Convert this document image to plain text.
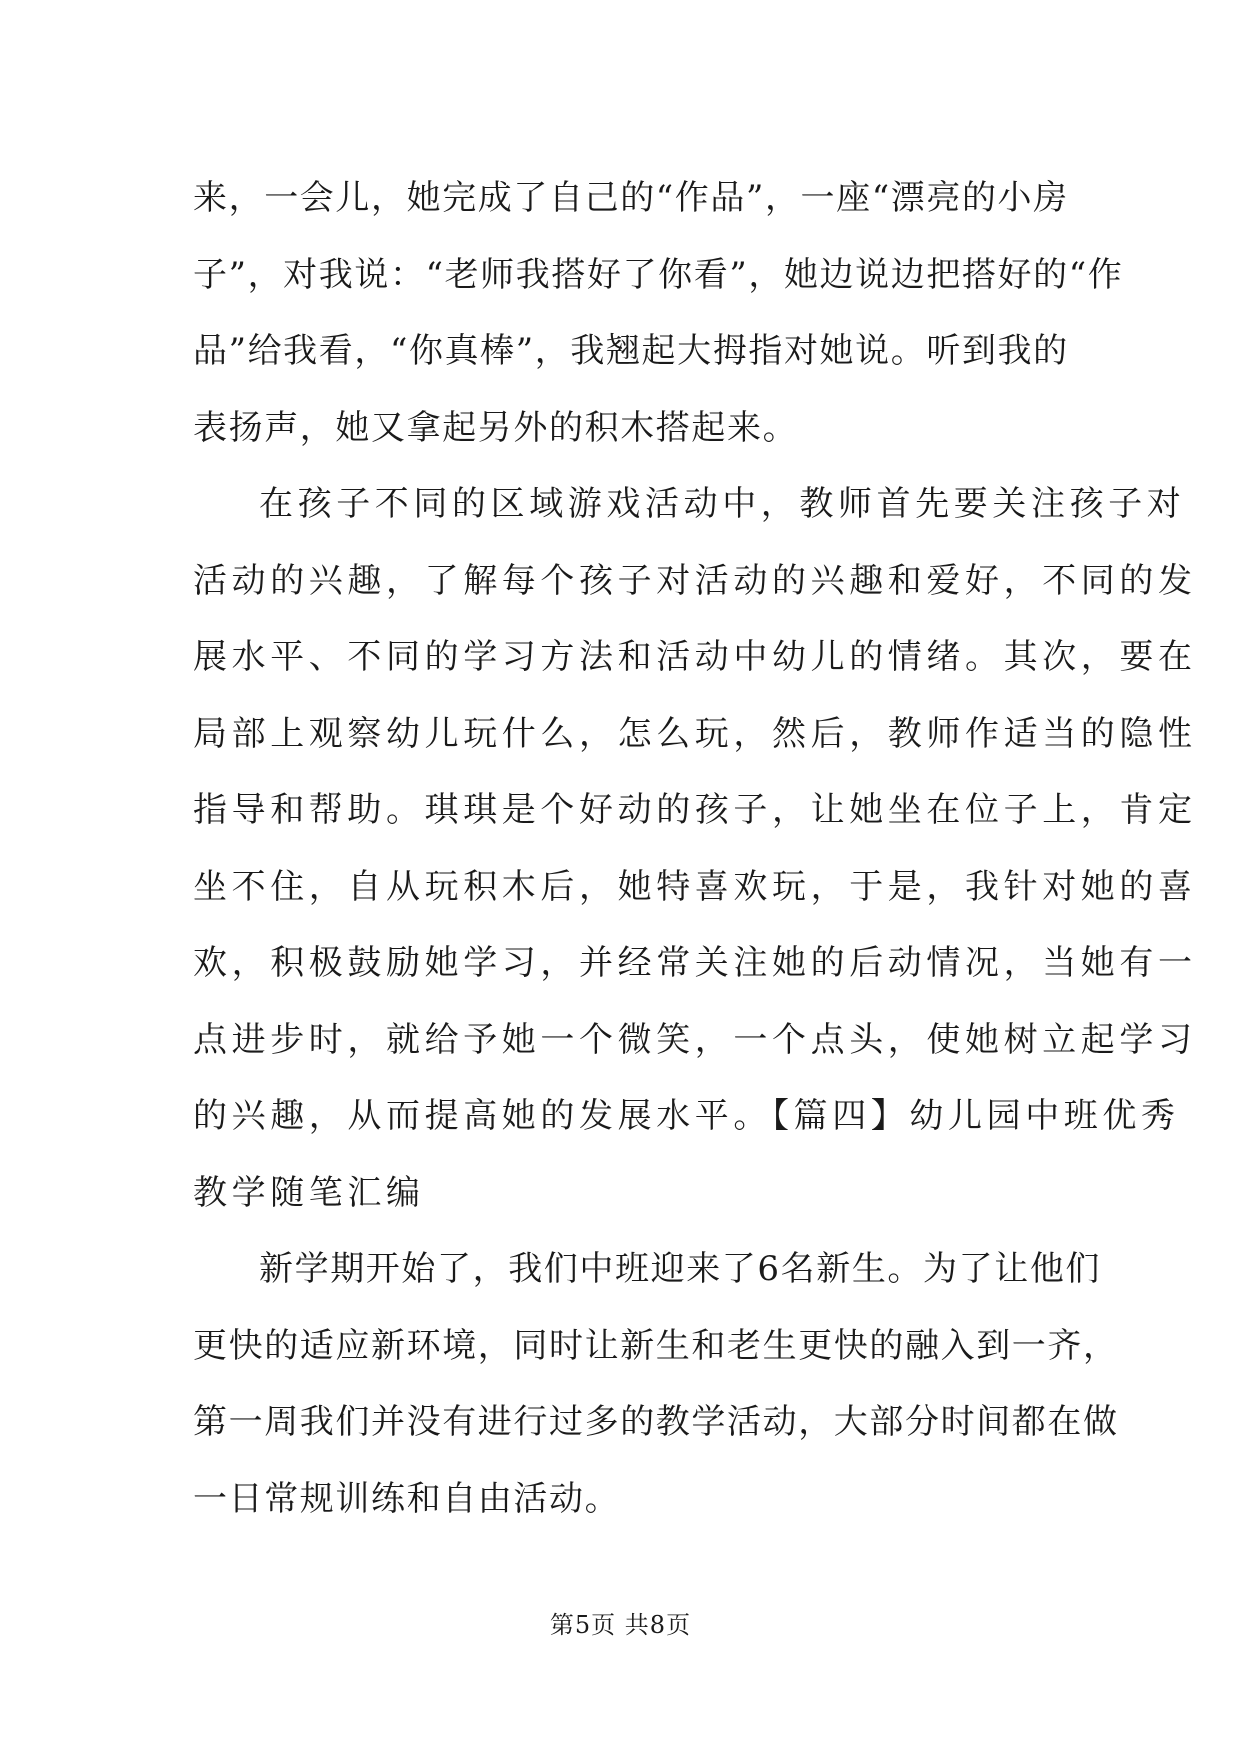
来，一会儿，她完成了自己的“作品”，一座“漂亮的小房
子”，对我说：“老师我搭好了你看”，她边说边把搭好的“作
品”给我看，“你真棒”，我翘起大拇指对她说。听到我的
表扬声，她又拿起另外的积木搭起来。
在孩子不同的区域游戏活动中，教师首先要关注孩子对
活动的兴趣，了解每个孩子对活动的兴趣和爱好，不同的发
展水平、不同的学习方法和活动中幼儿的情绪。其次，要在
局部上观察幼儿玩什么，怎么玩，然后，教师作适当的隐性
指导和帮助。琪琪是个好动的孩子，让她坐在位子上，肯定
坐不住，自从玩积木后，她特喜欢玩，于是，我针对她的喜
欢，积极鼓励她学习，并经常关注她的后动情况，当她有一
点进步时，就给予她一个微笑，一个点头，使她树立起学习
的兴趣，从而提高她的发展水平。【篇四】幼儿园中班优秀
教学随笔汇编
新学期开始了，我们中班迎来了6名新生。为了让他们
更快的适应新环境，同时让新生和老生更快的融入到一齐，
第一周我们并没有进行过多的教学活动，大部分时间都在做
一日常规训练和自由活动。
第5页 共8页
